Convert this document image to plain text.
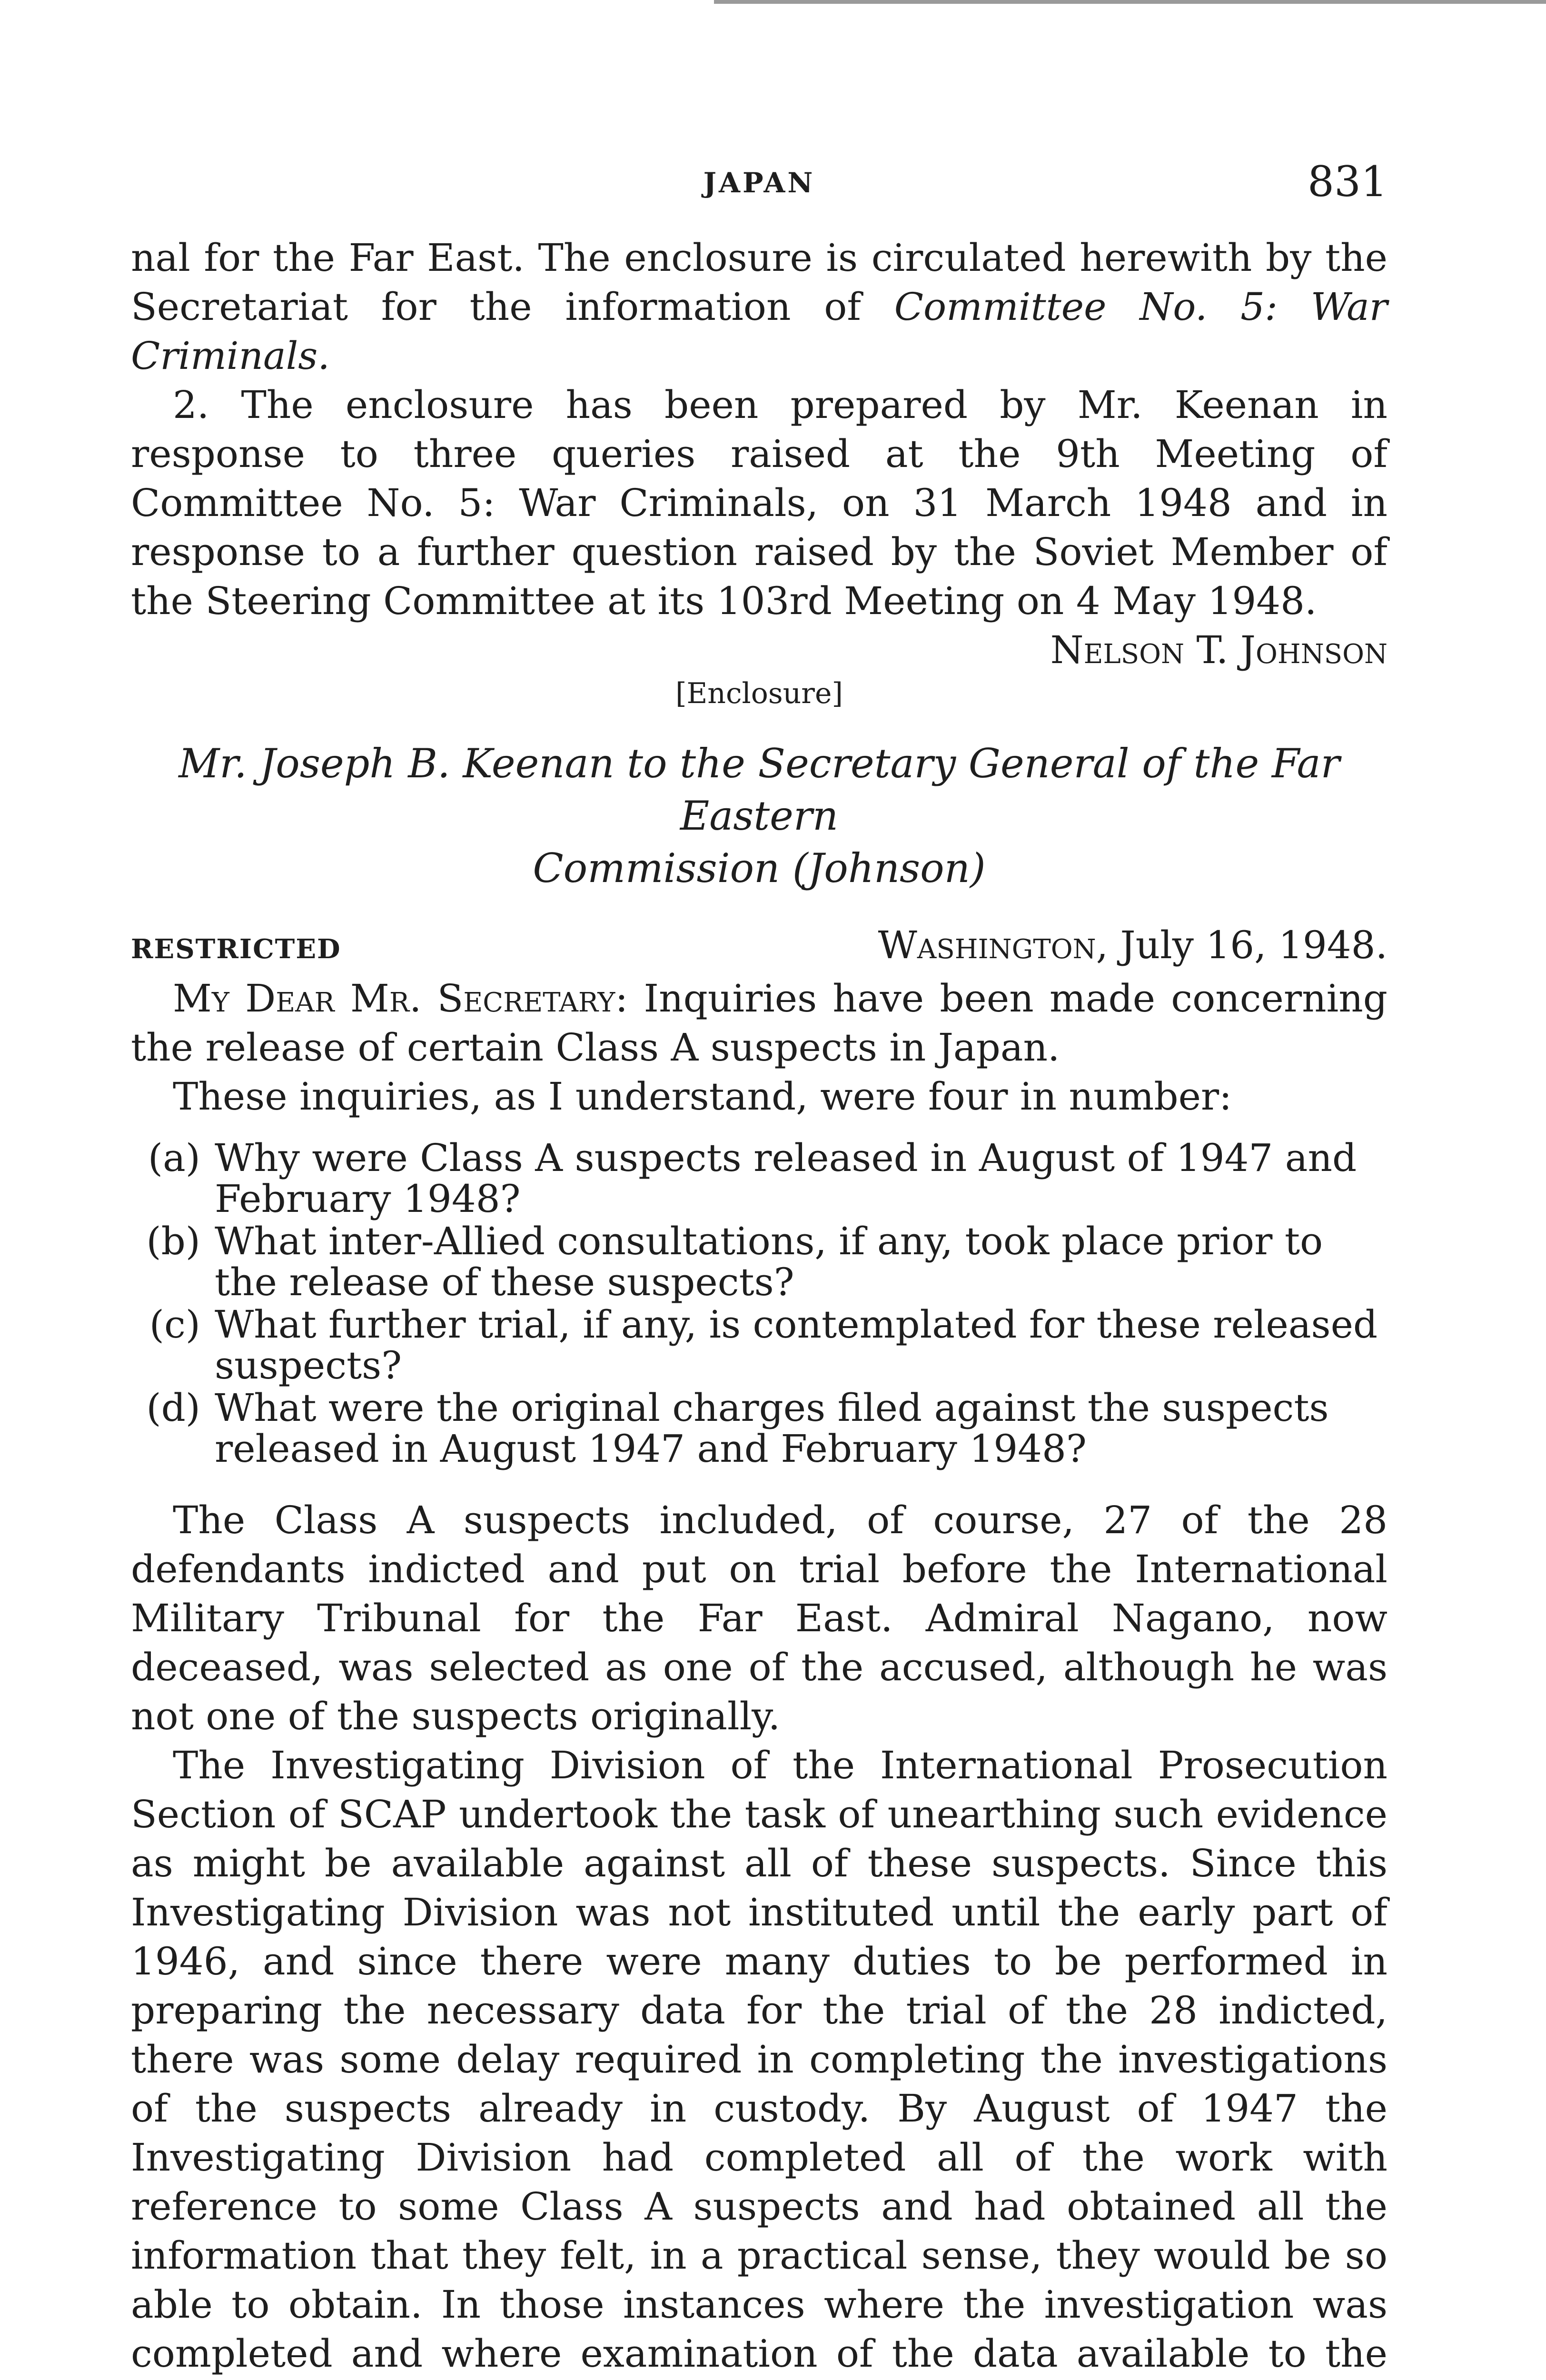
JAPAN	831

nal for the Far East. The enclosure is circulated herewith by the Secretariat for the information of Committee No. 5: War Criminals.

2. The enclosure has been prepared by Mr. Keenan in response to three queries raised at the 9th Meeting of Committee No. 5: War Criminals, on 31 March 1948 and in response to a further question raised by the Soviet Member of the Steering Committee at its 103rd Meeting on 4 May 1948.

Nelson T. Johnson

[Enclosure]

Mr. Joseph B. Keenan to the Secretary General of the Far Eastern
Commission (Johnson)
RESTRICTED	Washington, July 16, 1948.

My Dear Mr. Secretary: Inquiries have been made concerning the release of certain Class A suspects in Japan.

These inquiries, as I understand, were four in number:

(a) Why were Class A suspects released in August of 1947 and February 1948?
(b) What inter-Allied consultations, if any, took place prior to the release of these suspects?
(c) What further trial, if any, is contemplated for these released suspects?
(d) What were the original charges filed against the suspects released in August 1947 and February 1948?

The Class A suspects included, of course, 27 of the 28 defendants indicted and put on trial before the International Military Tribunal for the Far East. Admiral Nagano, now deceased, was selected as one of the accused, although he was not one of the suspects originally.

The Investigating Division of the International Prosecution Section of SCAP undertook the task of unearthing such evidence as might be available against all of these suspects. Since this Investigating Division was not instituted until the early part of 1946, and since there were many duties to be performed in preparing the necessary data for the trial of the 28 indicted, there was some delay required in completing the investigations of the suspects already in custody. By August of 1947 the Investigating Division had completed all of the work with reference to some Class A suspects and had obtained all the information that they felt, in a practical sense, they would be so able to obtain. In those instances where the investigation was completed and where examination of the data available to the
